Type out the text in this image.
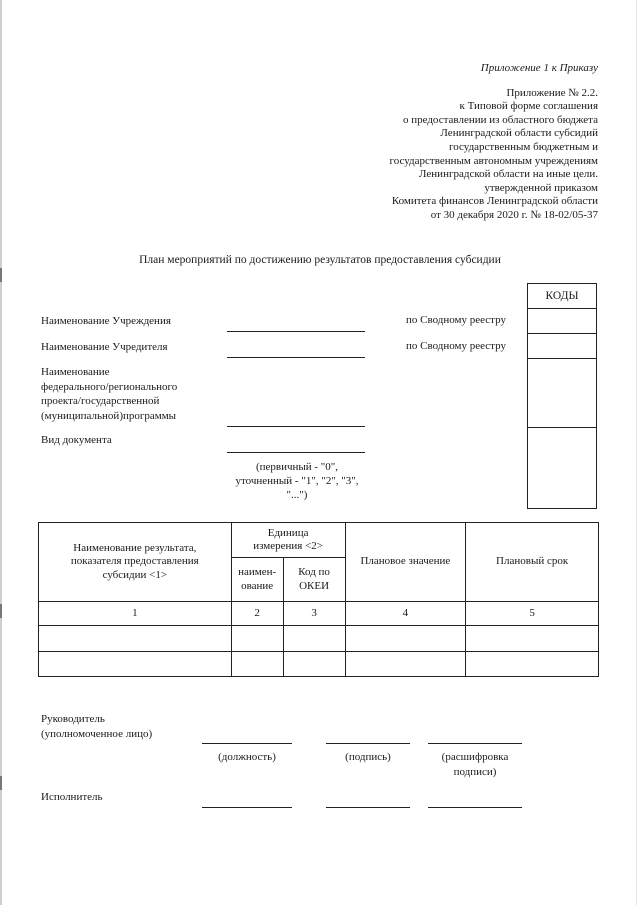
Приложение 1 к Приказу
Приложение № 2.2.
к Типовой форме соглашения
о предоставлении из областного бюджета
Ленинградской области субсидий
государственным бюджетным и
государственным автономным учреждениям
Ленинградской области на иные цели.
утвержденной приказом
Комитета финансов Ленинградской области
от 30 декабря 2020 г. № 18-02/05-37
План мероприятий по достижению результатов предоставления субсидии
Наименование Учреждения	по Сводному реестру
Наименование Учредителя	по Сводному реестру
Наименование
федерального/регионального
проекта/государственной
(муниципальной)программы
Вид документа
(первичный - "0", уточненный - "1", "2", "3", "...")
КОДЫ
Наименование результата, показателя предоставления субсидии <1>	Единица измерения <2>		Плановое значение	Плановый срок
	наименование	Код по ОКЕИ		
1	2	3	4	5

Руководитель
(уполномоченное лицо)
(должность)	(подпись)	(расшифровка
подписи)
Исполнитель
